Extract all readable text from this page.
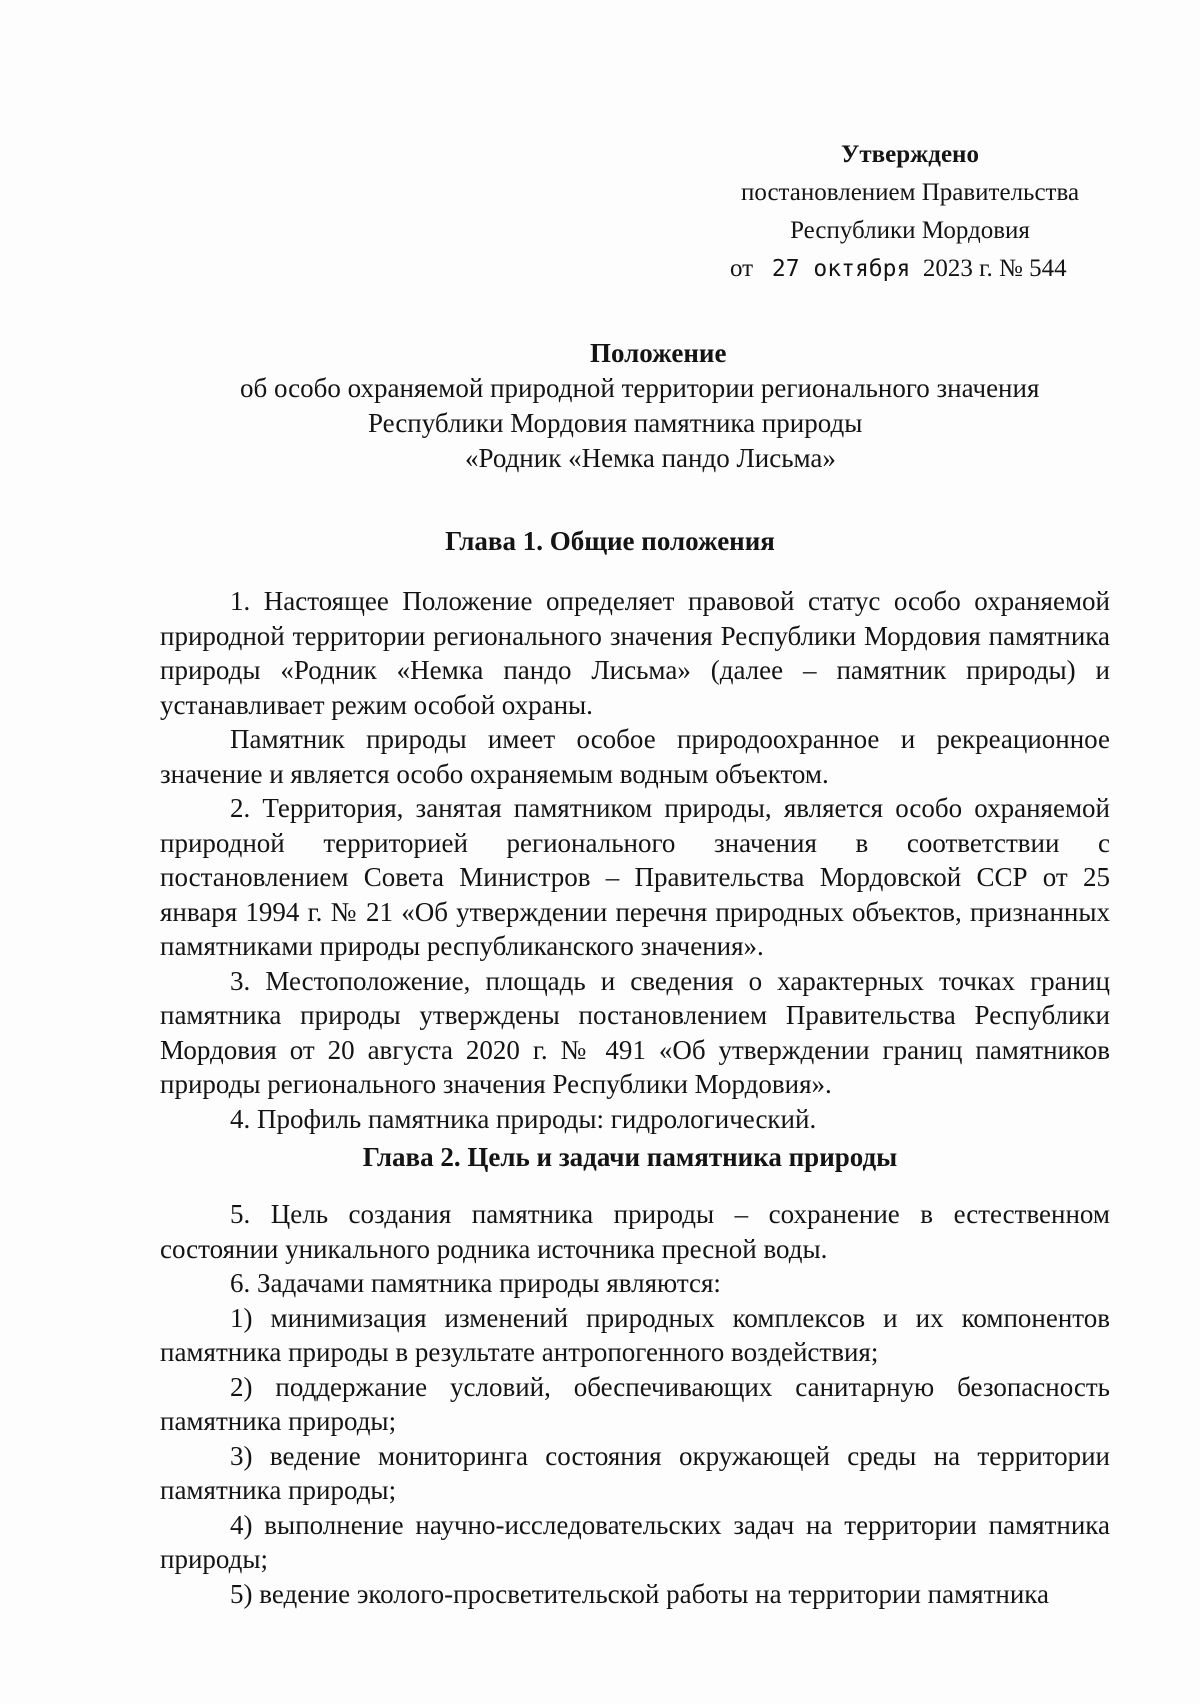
Утверждено
постановлением Правительства
Республики Мордовия
от 27 октября 2023 г. № 544
Положение
об особо охраняемой природной территории регионального значения
Республики Мордовия памятника природы
«Родник «Немка пандо Лисьма»
Глава 1. Общие положения

1. Настоящее Положение определяет правовой статус особо охраняемой природной территории регионального значения Республики Мордовия памятника природы «Родник «Немка пандо Лисьма» (далее – памятник природы) и устанавливает режим особой охраны.

Памятник природы имеет особое природоохранное и рекреационное значение и является особо охраняемым водным объектом.

2. Территория, занятая памятником природы, является особо охраняемой природной территорией регионального значения в соответствии с постановлением Совета Министров – Правительства Мордовской ССР от 25 января 1994 г. № 21 «Об утверждении перечня природных объектов, признанных памятниками природы республиканского значения».

3. Местоположение, площадь и сведения о характерных точках границ памятника природы утверждены постановлением Правительства Республики Мордовия от 20 августа 2020 г. № 491 «Об утверждении границ памятников природы регионального значения Республики Мордовия».

4. Профиль памятника природы: гидрологический.

Глава 2. Цель и задачи памятника природы

5. Цель создания памятника природы – сохранение в естественном состоянии уникального родника источника пресной воды.

6. Задачами памятника природы являются:

1) минимизация изменений природных комплексов и их компонентов памятника природы в результате антропогенного воздействия;

2) поддержание условий, обеспечивающих санитарную безопасность памятника природы;

3) ведение мониторинга состояния окружающей среды на территории памятника природы;

4) выполнение научно-исследовательских задач на территории памятника природы;

5) ведение эколого-просветительской работы на территории памятника
